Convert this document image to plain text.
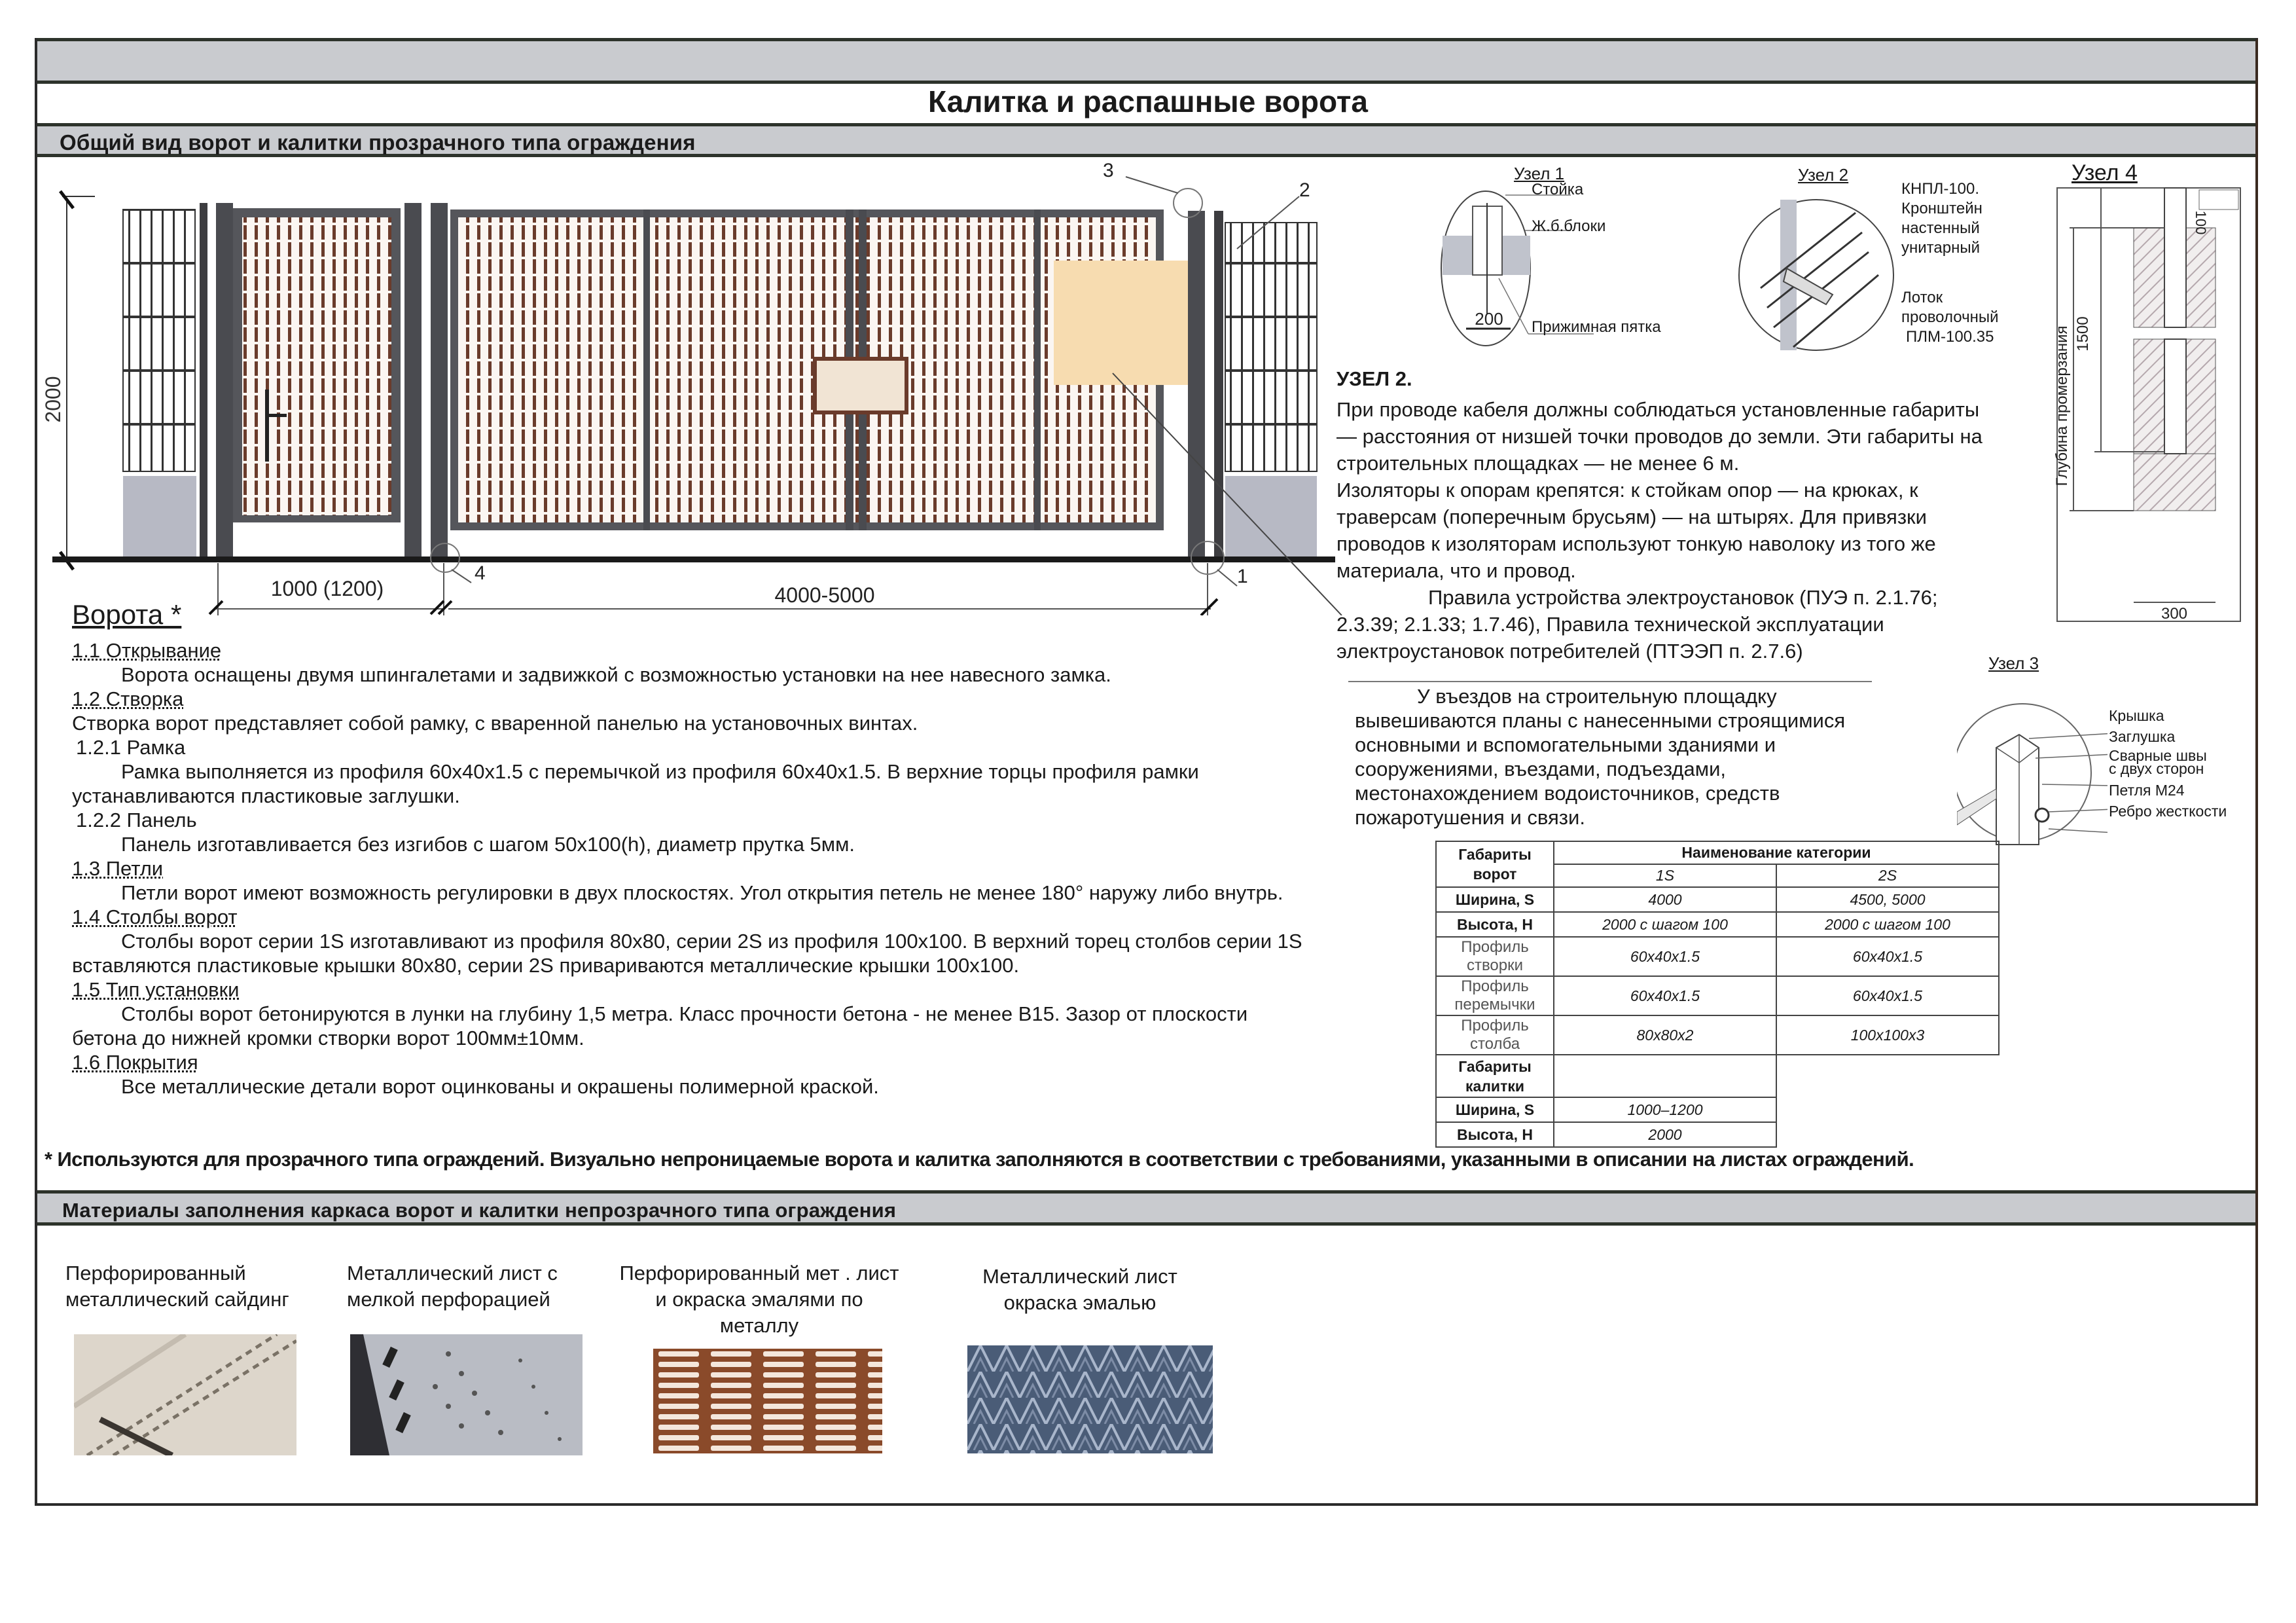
Калитка и распашные ворота
Общий вид ворот и калитки прозрачного типа ограждения
2000
1000 (1200)	4000-5000
4	1
3
2
Узел 1
200
Стойка
Ж.б.блоки
Прижимная пятка
Узел 2
КНПЛ-100.
Кронштейн
настенный
унитарный
Лоток
проволочный
ПЛМ-100.35
Узел 4
1500
Глубина промерзания
100
300
УЗЕЛ 2.
При проводе кабеля должны соблюдаться установленные габариты
— расстояния от низшей точки проводов до земли. Эти габариты на
строительных площадках — не менее 6 м.
Изоляторы к опорам крепятся: к стойкам опор — на крюках, к
траверсам (поперечным брусьям) — на штырях. Для привязки
проводов к изоляторам используют тонкую наволоку из того же
материала, что и провод.
Правила устройства электроустановок (ПУЭ п. 2.1.76;
2.3.39; 2.1.33; 1.7.46), Правила технической эксплуатации
электроустановок потребителей (ПТЭЭП п. 2.7.6)
У въездов на строительную площадку
вывешиваются планы с нанесенными строящимися
основными и вспомогательными зданиями и
сооружениями, въездами, подъездами,
местонахождением водоисточников, средств
пожаротушения и связи.
Узел 3
Крышка
Заглушка
Сварные швы
с двух сторон
Петля М24
Ребро жесткости
Габариты ворот	Наименование категории	
	1S	2S
Ширина, S	4000	4500, 5000
Высота, H	2000 с шагом 100	2000 с шагом 100
Профиль створки	60x40x1.5	60x40x1.5
Профиль перемычки	60x40x1.5	60x40x1.5
Профиль столба	80x80x2	100x100x3
Габариты калитки		
Ширина, S	1000–1200	
Высота, H	2000	
Ворота *
1.1 Открывание
Ворота оснащены двумя шпингалетами и задвижкой с возможностью установки на нее навесного замка.
1.2 Створка
Створка ворот представляет собой рамку, с вваренной панелью на установочных винтах.
1.2.1 Рамка
Рамка выполняется из профиля 60х40х1.5 с перемычкой из профиля 60х40х1.5. В верхние торцы профиля рамки
устанавливаются пластиковые заглушки.
1.2.2 Панель
Панель изготавливается без изгибов с шагом 50х100(h), диаметр прутка 5мм.
1.3 Петли
Петли ворот имеют возможность регулировки в двух плоскостях. Угол открытия петель не менее 180° наружу либо внутрь.
1.4 Столбы ворот
Столбы ворот серии 1S изготавливают из профиля 80х80, серии 2S из профиля 100х100. В верхний торец столбов серии 1S
вставляются пластиковые крышки 80х80, серии 2S привариваются металлические крышки 100х100.
1.5 Тип установки
Столбы ворот бетонируются в лунки на глубину 1,5 метра. Класс прочности бетона - не менее В15. Зазор от плоскости
бетона до нижней кромки створки ворот 100мм±10мм.
1.6 Покрытия
Все металлические детали ворот оцинкованы и окрашены полимерной краской.
* Используются для прозрачного типа ограждений. Визуально непроницаемые ворота и калитка заполняются в соответствии с требованиями, указанными в описании на листах ограждений.
Материалы заполнения каркаса ворот и калитки непрозрачного типа ограждения
Перфорированный
металлический сайдинг
Металлический лист с
мелкой перфорацией
Перфорированный мет . лист
и окраска эмалями по
металлу
Металлический лист
окраска эмалью
